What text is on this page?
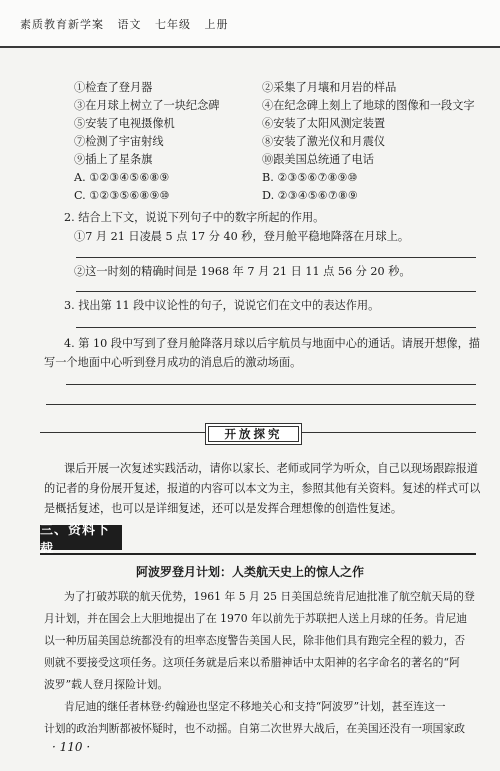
素质教育新学案   语文   七年级   上册
①检查了登月器	②采集了月壤和月岩的样品
③在月球上树立了一块纪念碑	④在纪念碑上刻上了地球的图像和一段文字
⑤安装了电视摄像机	⑥安装了太阳风测定装置
⑦检测了宇宙射线	⑧安装了激光仪和月震仪
⑨插上了星条旗	⑩跟美国总统通了电话
A. ①②③④⑤⑥⑧⑨	B. ②③⑤⑥⑦⑧⑨⑩
C. ①②③⑤⑥⑧⑨⑩	D. ②③④⑤⑥⑦⑧⑨
2. 结合上下文，说说下列句子中的数字所起的作用。
①7 月 21 日凌晨 5 点 17 分 40 秒，登月舱平稳地降落在月球上。
②这一时刻的精确时间是 1968 年 7 月 21 日 11 点 56 分 20 秒。
3. 找出第 11 段中议论性的句子，说说它们在文中的表达作用。
4. 第 10 段中写到了登月舱降落月球以后宇航员与地面中心的通话。请展开想像，描
写一个地面中心听到登月成功的消息后的激动场面。
开放探究
课后开展一次复述实践活动，请你以家长、老师或同学为听众，自己以现场跟踪报道
的记者的身份展开复述，报道的内容可以本文为主，参照其他有关资料。复述的样式可以
是概括复述，也可以是详细复述，还可以是发挥合理想像的创造性复述。
三、资料下载
阿波罗登月计划：人类航天史上的惊人之作
为了打破苏联的航天优势，1961 年 5 月 25 日美国总统肯尼迪批准了航空航天局的登
月计划，并在国会上大胆地提出了在 1970 年以前先于苏联把人送上月球的任务。肯尼迪
以一种历届美国总统都没有的坦率态度警告美国人民，除非他们具有跑完全程的毅力，否
则就不要接受这项任务。这项任务就是后来以希腊神话中太阳神的名字命名的著名的“阿
波罗”载人登月探险计划。
肯尼迪的继任者林登·约翰逊也坚定不移地关心和支持“阿波罗”计划，甚至连这一
计划的政治判断都被怀疑时，也不动摇。自第二次世界大战后，在美国还没有一项国家政
· 110 ·
